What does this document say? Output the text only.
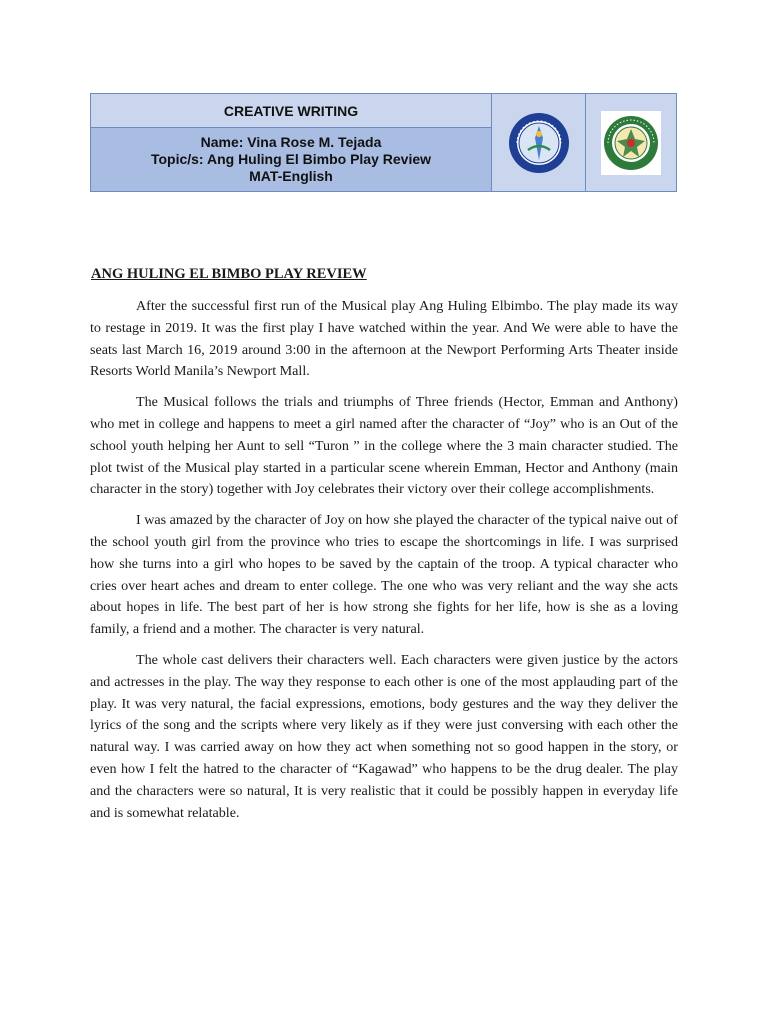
CREATIVE WRITING
Name: Vina Rose M. Tejada
Topic/s: Ang Huling El Bimbo Play Review
MAT-English
ANG HULING EL BIMBO PLAY REVIEW

After the successful first run of the Musical play Ang Huling Elbimbo. The play made its way to restage in 2019. It was the first play I have watched within the year. And We were able to have the seats last March 16, 2019 around 3:00 in the afternoon at the Newport Performing Arts Theater inside Resorts World Manila’s Newport Mall.

The Musical follows the trials and triumphs of Three friends (Hector, Emman and Anthony) who met in college and happens to meet a girl named after the character of “Joy” who is an Out of the school youth helping her Aunt to sell “Turon ” in the college where the 3 main character studied. The plot twist of the Musical play started in a particular scene wherein Emman, Hector and Anthony (main character in the story) together with Joy celebrates their victory over their college accomplishments.

I was amazed by the character of Joy on how she played the character of the typical naive out of the school youth girl from the province who tries to escape the shortcomings in life. I was surprised how she turns into a girl who hopes to be saved by the captain of the troop. A typical character who cries over heart aches and dream to enter college. The one who was very reliant and the way she acts about hopes in life. The best part of her is how strong she fights for her life, how is she as a loving family, a friend and a mother. The character is very natural.

The whole cast delivers their characters well. Each characters were given justice by the actors and actresses in the play. The way they response to each other is one of the most applauding part of the play. It was very natural, the facial expressions, emotions, body gestures and the way they deliver the lyrics of the song and the scripts where very likely as if they were just conversing with each other the natural way. I was carried away on how they act when something not so good happen in the story, or even how I felt the hatred to the character of “Kagawad” who happens to be the drug dealer. The play and the characters were so natural, It is very realistic that it could be possibly happen in everyday life and is somewhat relatable.
